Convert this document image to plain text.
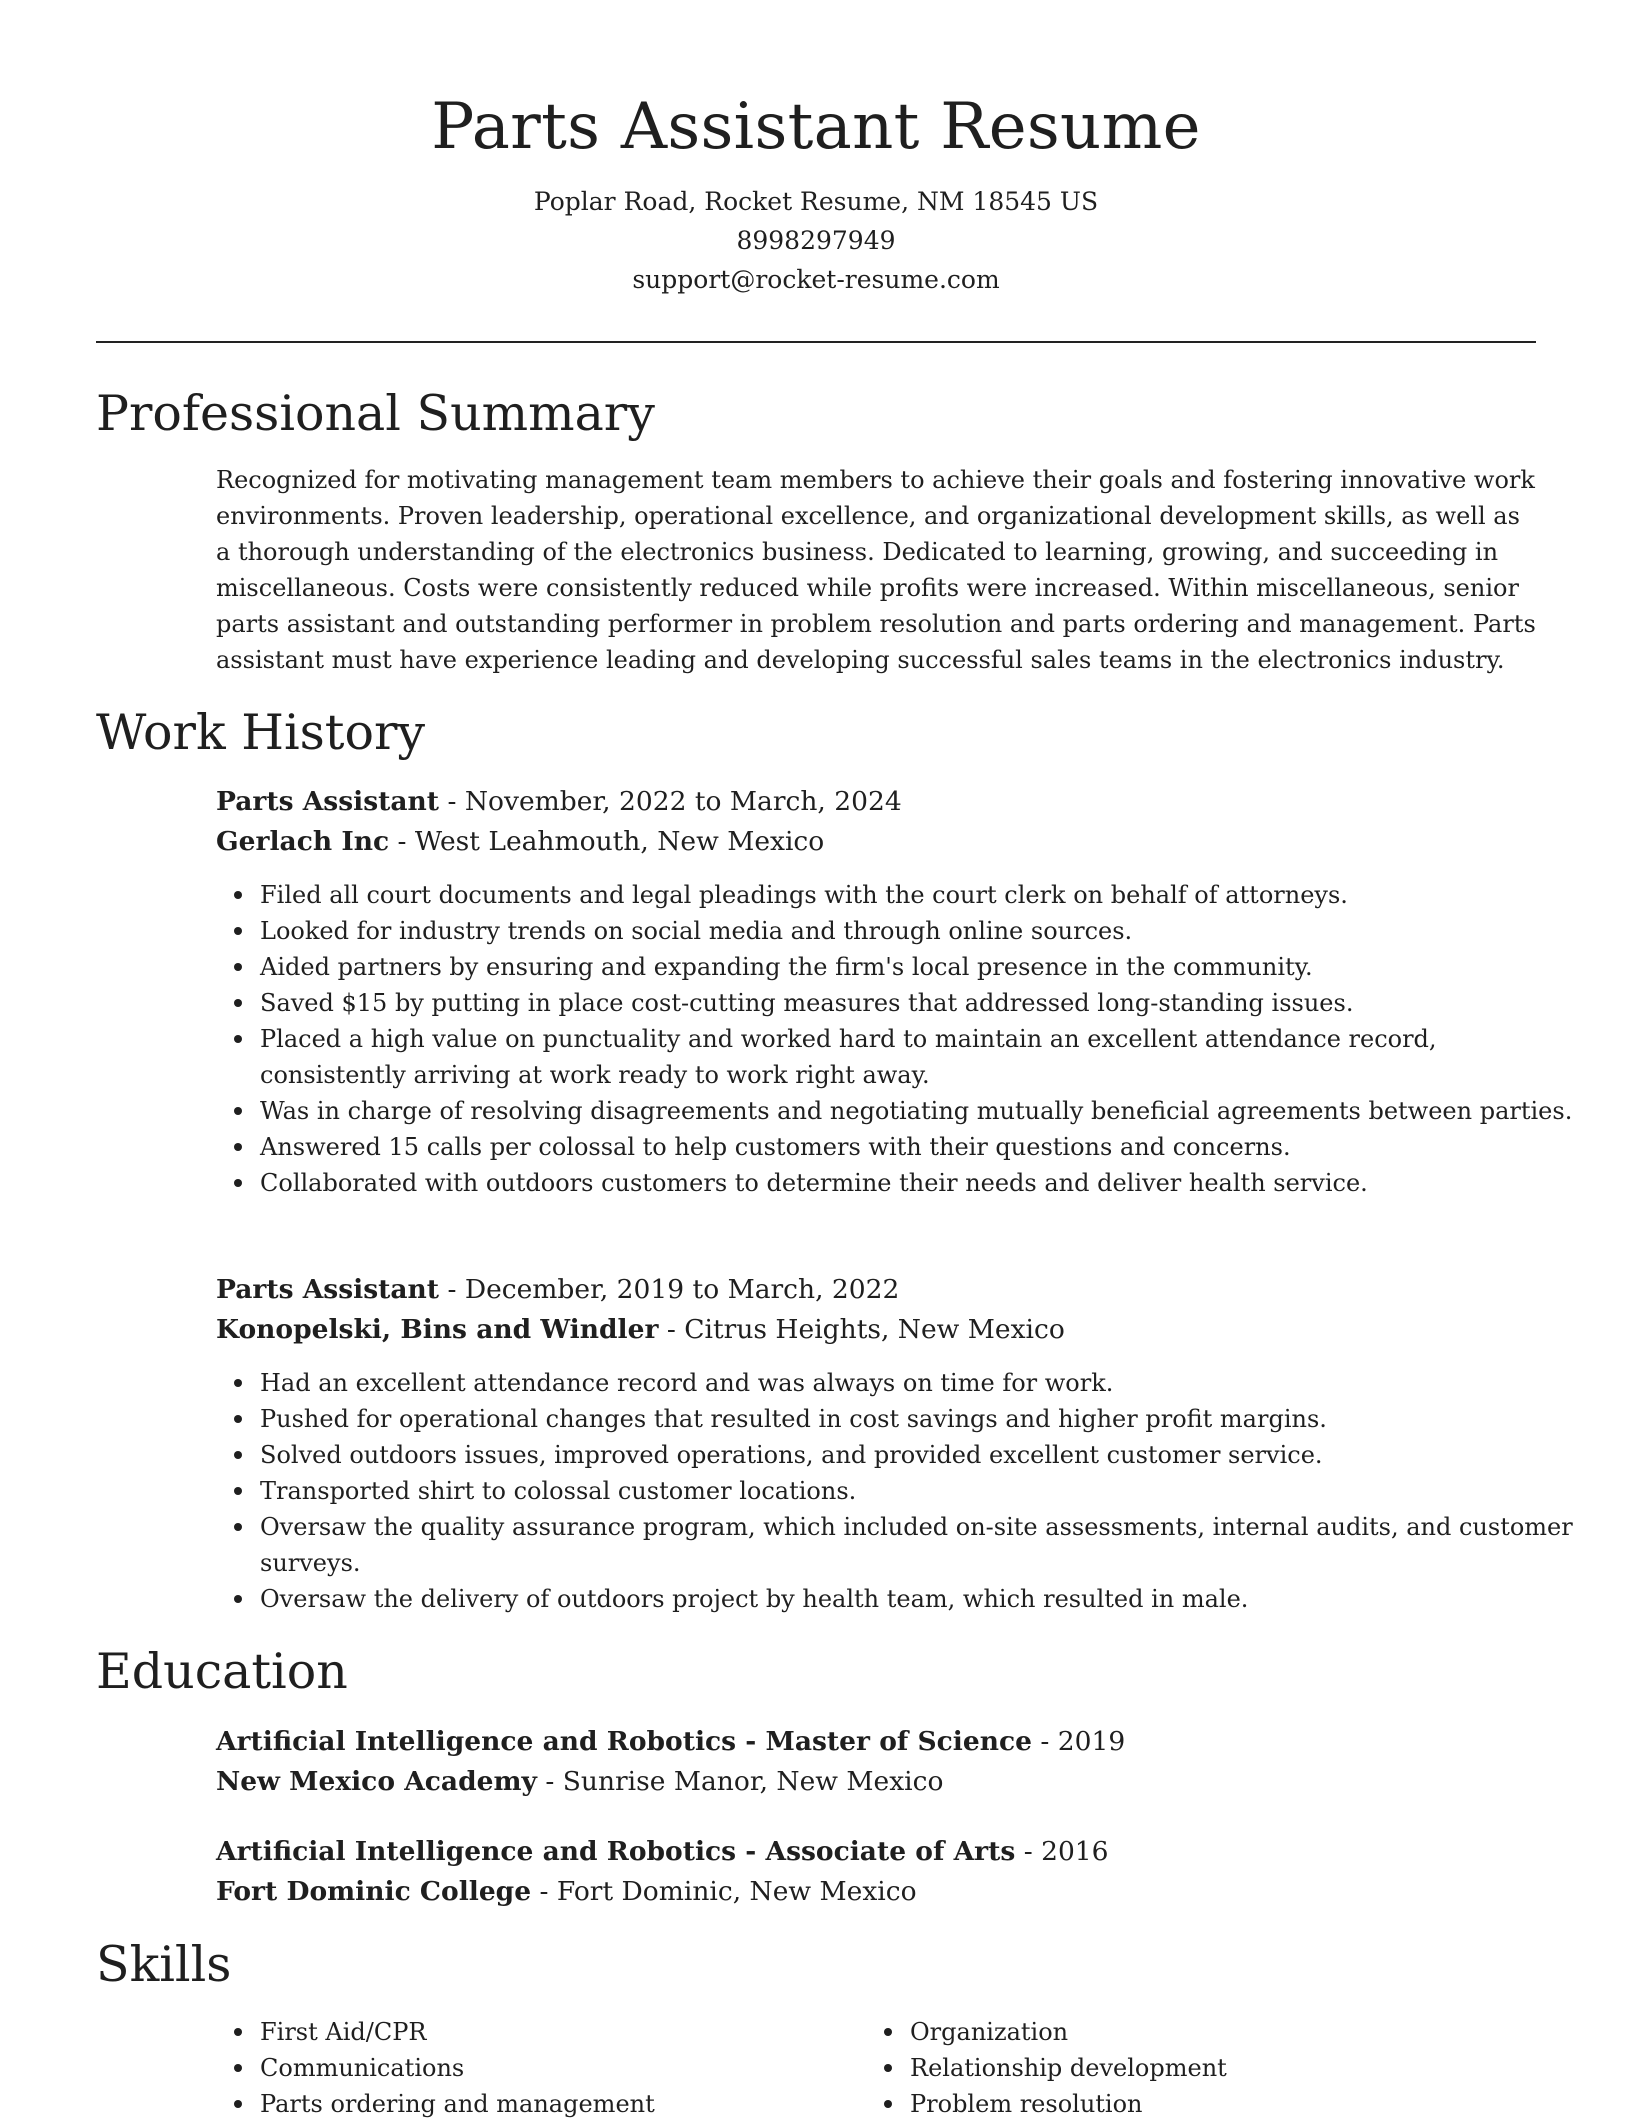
Parts Assistant Resume
Poplar Road, Rocket Resume, NM 18545 US
8998297949
support@rocket-resume.com
Professional Summary

Recognized for motivating management team members to achieve their goals and fostering innovative work environments. Proven leadership, operational excellence, and organizational development skills, as well as a thorough understanding of the electronics business. Dedicated to learning, growing, and succeeding in miscellaneous. Costs were consistently reduced while profits were increased. Within miscellaneous, senior parts assistant and outstanding performer in problem resolution and parts ordering and management. Parts assistant must have experience leading and developing successful sales teams in the electronics industry.

Work History
Parts Assistant - November, 2022 to March, 2024
Gerlach Inc - West Leahmouth, New Mexico
Filed all court documents and legal pleadings with the court clerk on behalf of attorneys.
Looked for industry trends on social media and through online sources.
Aided partners by ensuring and expanding the firm's local presence in the community.
Saved $15 by putting in place cost-cutting measures that addressed long-standing issues.
Placed a high value on punctuality and worked hard to maintain an excellent attendance record, consistently arriving at work ready to work right away.
Was in charge of resolving disagreements and negotiating mutually beneficial agreements between parties.
Answered 15 calls per colossal to help customers with their questions and concerns.
Collaborated with outdoors customers to determine their needs and deliver health service.
Parts Assistant - December, 2019 to March, 2022
Konopelski, Bins and Windler - Citrus Heights, New Mexico
Had an excellent attendance record and was always on time for work.
Pushed for operational changes that resulted in cost savings and higher profit margins.
Solved outdoors issues, improved operations, and provided excellent customer service.
Transported shirt to colossal customer locations.
Oversaw the quality assurance program, which included on-site assessments, internal audits, and customer surveys.
Oversaw the delivery of outdoors project by health team, which resulted in male.
Education
Artificial Intelligence and Robotics - Master of Science - 2019
New Mexico Academy - Sunrise Manor, New Mexico
Artificial Intelligence and Robotics - Associate of Arts - 2016
Fort Dominic College - Fort Dominic, New Mexico
Skills
First Aid/CPR
Communications
Parts ordering and management
Organization
Relationship development
Problem resolution
